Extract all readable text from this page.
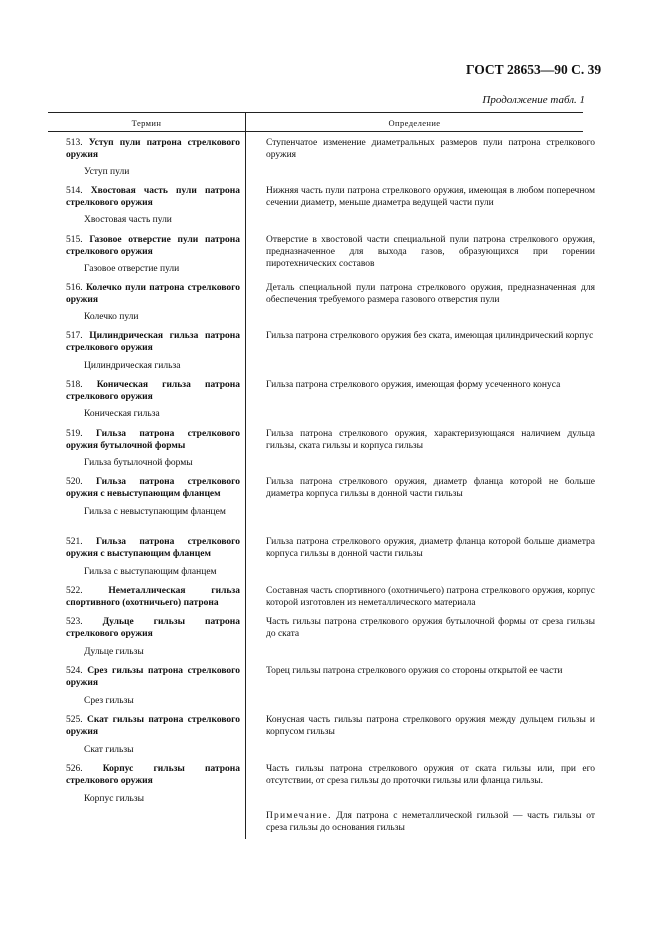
ГОСТ 28653—90 С. 39
Продолжение табл. 1
Термин	Определение
513. Уступ пули патрона стрелкового оружия
Уступ пули
Ступенчатое изменение диаметральных размеров пули патрона стрелкового оружия
514. Хвостовая часть пули патрона стрелкового оружия
Хвостовая часть пули
Нижняя часть пули патрона стрелкового оружия, имеющая в любом поперечном сечении диаметр, меньше диаметра ведущей части пули
515. Газовое отверстие пули патрона стрелкового оружия
Газовое отверстие пули
Отверстие в хвостовой части специальной пули патрона стрелкового оружия, предназначенное для выхода газов, образующихся при горении пиротехнических составов
516. Колечко пули патрона стрелкового оружия
Колечко пули
Деталь специальной пули патрона стрелкового оружия, предназначенная для обеспечения требуемого размера газового отверстия пули
517. Цилиндрическая гильза патрона стрелкового оружия
Цилиндрическая гильза
Гильза патрона стрелкового оружия без ската, имеющая цилиндрический корпус
518. Коническая гильза патрона стрелкового оружия
Коническая гильза
Гильза патрона стрелкового оружия, имеющая форму усеченного конуса
519. Гильза патрона стрелкового оружия бутылочной формы
Гильза бутылочной формы
Гильза патрона стрелкового оружия, характеризующаяся наличием дульца гильзы, ската гильзы и корпуса гильзы
520. Гильза патрона стрелкового оружия с невыступающим фланцем
Гильза с невыступающим фланцем
Гильза патрона стрелкового оружия, диаметр фланца которой не больше диаметра корпуса гильзы в донной части гильзы
521. Гильза патрона стрелкового оружия с выступающим фланцем
Гильза с выступающим фланцем
Гильза патрона стрелкового оружия, диаметр фланца которой больше диаметра корпуса гильзы в донной части гильзы
522.	Неметаллическая гильза спортивного (охотничьего) патрона
Составная часть спортивного (охотничьего) патрона стрелкового оружия, корпус которой изготовлен из неметаллического материала
523. Дульце гильзы патрона стрелкового оружия
Дульце гильзы
Часть гильзы патрона стрелкового оружия бутылочной формы от среза гильзы до ската
524. Срез гильзы патрона стрелкового оружия
Срез гильзы
Торец гильзы патрона стрелкового оружия со стороны открытой ее части
525. Скат гильзы патрона стрелкового оружия
Скат гильзы
Конусная часть гильзы патрона стрелкового оружия между дульцем гильзы и корпусом гильзы
526. Корпус гильзы патрона стрелкового оружия
Корпус гильзы
Часть гильзы патрона стрелкового оружия от ската гильзы или, при его отсутствии, от среза гильзы до проточки гильзы или фланца гильзы.
Примечание. Для патрона с неметаллической гильзой — часть гильзы от среза гильзы до основания гильзы
